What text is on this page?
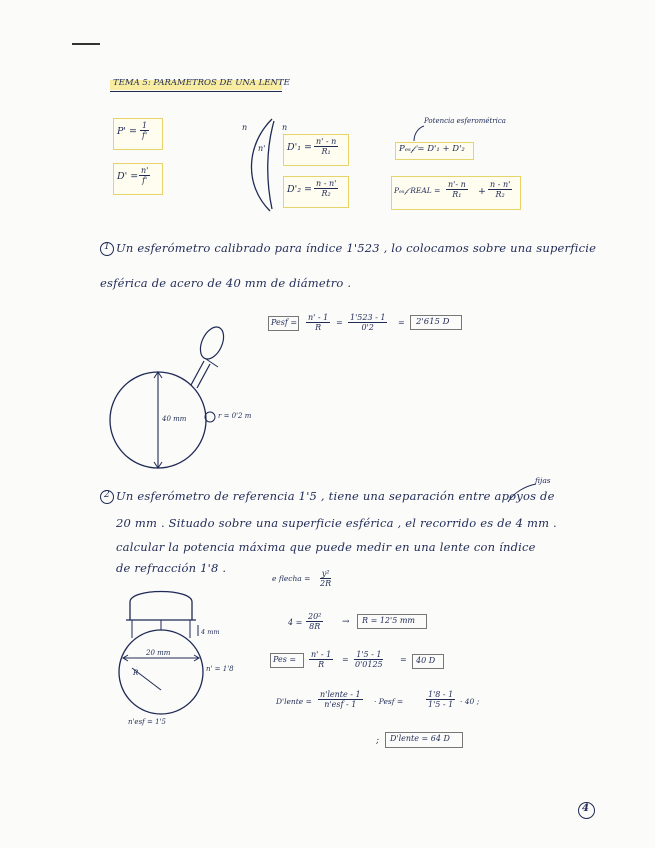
TEMA 5: PARAMETROS DE UNA LENTE
$P' = \frac{1}{f'}$
$D' = \frac{n'}{f'}$
n
n'
n
$D'_1 = \frac{n' - n}{\text{R₁}}$
$D'_2 = \frac{n - n'}{\text{R₂}}$
Potencia esferométrica
Pₑₛ𝒻 = D'₁ + D'₂
Pₑₛ𝒻 REAL = $\frac{n'- n}{\text{R₁}} + \frac{n - n'}{\text{R₂}}$
1 Un esferómetro calibrado para índice 1'523 , lo colocamos sobre una superficie
esférica de acero de 40 mm de diámetro .
Pesf = $\frac{n' - 1}{R} = \frac{1'523 - 1}{0'2} = 2'615$ D
40 mm	r = 0'2 m
fijas
2 Un esferómetro de referencia 1'5 , tiene una separación entre apoyos de
20 mm . Situado sobre una superficie esférica , el recorrido es de 4 mm .
calcular la potencia máxima que puede medir en una lente con índice
de refracción 1'8 .
e flecha = $\frac{\text{y²}}{2R}$
$4 = \frac{\text{20²}}{8R} \to R = 12'5$ mm
Pes = $\frac{n' - 1}{R} = \frac{1'5 - 1}{0'0125} = 40$ D
D'lente =
n'lente - 1
n'esf - 1 · Pesf =	$\frac{1'8 - 1}{1'5 - 1} \cdot 40$ ;
; D'lente = 64 D
4 mm
20 mm
R	n' = 1'8
n'esf = 1'5
4
